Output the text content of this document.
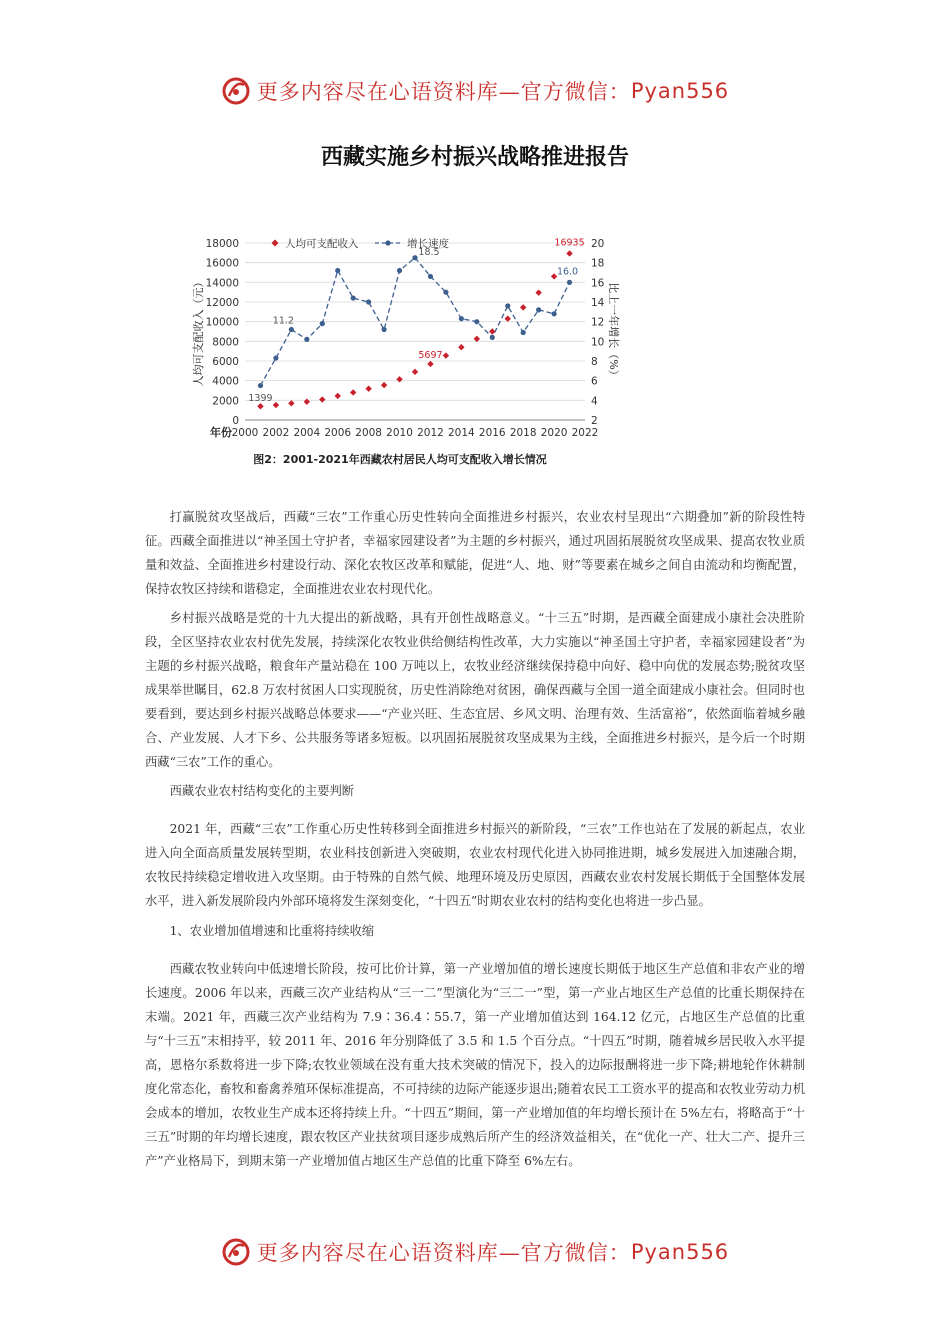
更多内容尽在心语资料库—官方微信：Pyan556
西藏实施乡村振兴战略推进报告
0
2000
4000
6000
8000
10000
12000
14000
16000
18000
2
4
6
8
10
12
14
16
18
20
2000 2002 2004 2006 2008 2010 2012 2014 2016 2018 2020 2022
年份
人均可支配收入（元）	比上一年增长（%）
1399
11.2
18.5
5697
16935
16.0
人均可支配收入	增长速度
图2：2001-2021年西藏农村居民人均可支配收入增长情况

打赢脱贫攻坚战后，西藏“三农”工作重心历史性转向全面推进乡村振兴，农业农村呈现出“六期叠加”新的阶段性特征。西藏全面推进以“神圣国土守护者，幸福家园建设者”为主题的乡村振兴，通过巩固拓展脱贫攻坚成果、提高农牧业质量和效益、全面推进乡村建设行动、深化农牧区改革和赋能，促进“人、地、财”等要素在城乡之间自由流动和均衡配置，保持农牧区持续和谐稳定，全面推进农业农村现代化。

乡村振兴战略是党的十九大提出的新战略，具有开创性战略意义。“十三五”时期，是西藏全面建成小康社会决胜阶段，全区坚持农业农村优先发展，持续深化农牧业供给侧结构性改革，大力实施以“神圣国土守护者，幸福家园建设者”为主题的乡村振兴战略，粮食年产量站稳在 100 万吨以上，农牧业经济继续保持稳中向好、稳中向优的发展态势;脱贫攻坚成果举世瞩目，62.8 万农村贫困人口实现脱贫，历史性消除绝对贫困，确保西藏与全国一道全面建成小康社会。但同时也要看到，要达到乡村振兴战略总体要求——“产业兴旺、生态宜居、乡风文明、治理有效、生活富裕”，依然面临着城乡融合、产业发展、人才下乡、公共服务等诸多短板。以巩固拓展脱贫攻坚成果为主线，全面推进乡村振兴，是今后一个时期西藏“三农”工作的重心。

西藏农业农村结构变化的主要判断

2021 年，西藏“三农”工作重心历史性转移到全面推进乡村振兴的新阶段，“三农”工作也站在了发展的新起点，农业进入向全面高质量发展转型期，农业科技创新进入突破期，农业农村现代化进入协同推进期，城乡发展进入加速融合期，农牧民持续稳定增收进入攻坚期。由于特殊的自然气候、地理环境及历史原因，西藏农业农村发展长期低于全国整体发展水平，进入新发展阶段内外部环境将发生深刻变化，“十四五”时期农业农村的结构变化也将进一步凸显。

1、农业增加值增速和比重将持续收缩

西藏农牧业转向中低速增长阶段，按可比价计算，第一产业增加值的增长速度长期低于地区生产总值和非农产业的增长速度。2006 年以来，西藏三次产业结构从“三一二”型演化为“三二一”型，第一产业占地区生产总值的比重长期保持在末端。2021 年，西藏三次产业结构为 7.9∶36.4∶55.7，第一产业增加值达到 164.12 亿元，占地区生产总值的比重与“十三五”末相持平，较 2011 年、2016 年分别降低了 3.5 和 1.5 个百分点。“十四五”时期，随着城乡居民收入水平提高，恩格尔系数将进一步下降;农牧业领域在没有重大技术突破的情况下，投入的边际报酬将进一步下降;耕地轮作休耕制度化常态化，畜牧和畜禽养殖环保标准提高，不可持续的边际产能逐步退出;随着农民工工资水平的提高和农牧业劳动力机会成本的增加，农牧业生产成本还将持续上升。“十四五”期间，第一产业增加值的年均增长预计在 5%左右，将略高于“十三五”时期的年均增长速度，跟农牧区产业扶贫项目逐步成熟后所产生的经济效益相关，在“优化一产、壮大二产、提升三产”产业格局下，到期末第一产业增加值占地区生产总值的比重下降至 6%左右。

更多内容尽在心语资料库—官方微信：Pyan556
